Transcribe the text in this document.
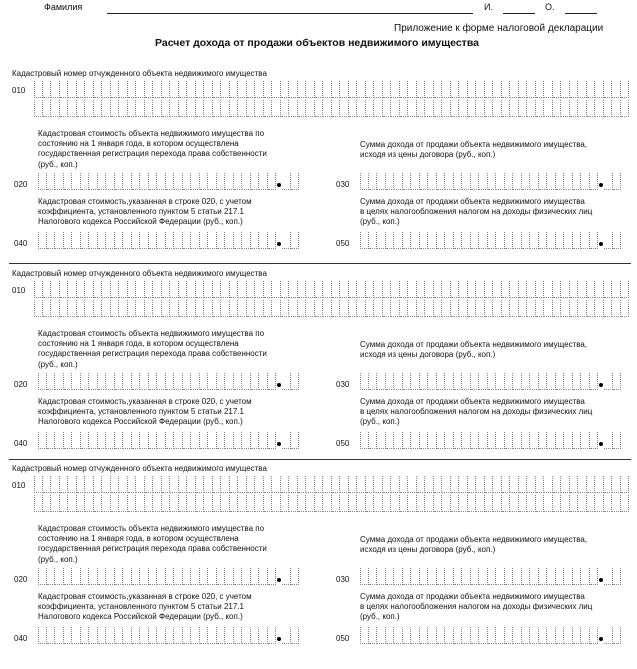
Фамилия	И.	О.
Приложение к форме налоговой декларации
Расчет дохода от продажи объектов недвижимого имущества
Кадастровый номер отчужденного объекта недвижимого имущества
010
Кадастровая стоимость объекта недвижимого имущества по
состоянию на 1 января года, в котором осуществлена
государственная регистрация перехода права собственности
(руб., коп.)
Сумма дохода от продажи объекта недвижимого имущества,
исходя из цены договора (руб., коп.)
020	030
Кадастровая стоимость,указанная в строке 020, с учетом
коэффициента, установленного пунктом 5 статьи 217.1
Налогового кодекса Российской Федерации (руб., коп.)
Сумма дохода от продажи объекта недвижимого имущества
в целях налогообложения налогом на доходы физических лиц
(руб., коп.)
040	050
Кадастровый номер отчужденного объекта недвижимого имущества
010
Кадастровая стоимость объекта недвижимого имущества по
состоянию на 1 января года, в котором осуществлена
государственная регистрация перехода права собственности
(руб., коп.)
Сумма дохода от продажи объекта недвижимого имущества,
исходя из цены договора (руб., коп.)
020	030
Кадастровая стоимость,указанная в строке 020, с учетом
коэффициента, установленного пунктом 5 статьи 217.1
Налогового кодекса Российской Федерации (руб., коп.)
Сумма дохода от продажи объекта недвижимого имущества
в целях налогообложения налогом на доходы физических лиц
(руб., коп.)
040	050
Кадастровый номер отчужденного объекта недвижимого имущества
010
Кадастровая стоимость объекта недвижимого имущества по
состоянию на 1 января года, в котором осуществлена
государственная регистрация перехода права собственности
(руб., коп.)
Сумма дохода от продажи объекта недвижимого имущества,
исходя из цены договора (руб., коп.)
020	030
Кадастровая стоимость,указанная в строке 020, с учетом
коэффициента, установленного пунктом 5 статьи 217.1
Налогового кодекса Российской Федерации (руб., коп.)
Сумма дохода от продажи объекта недвижимого имущества
в целях налогообложения налогом на доходы физических лиц
(руб., коп.)
040	050
